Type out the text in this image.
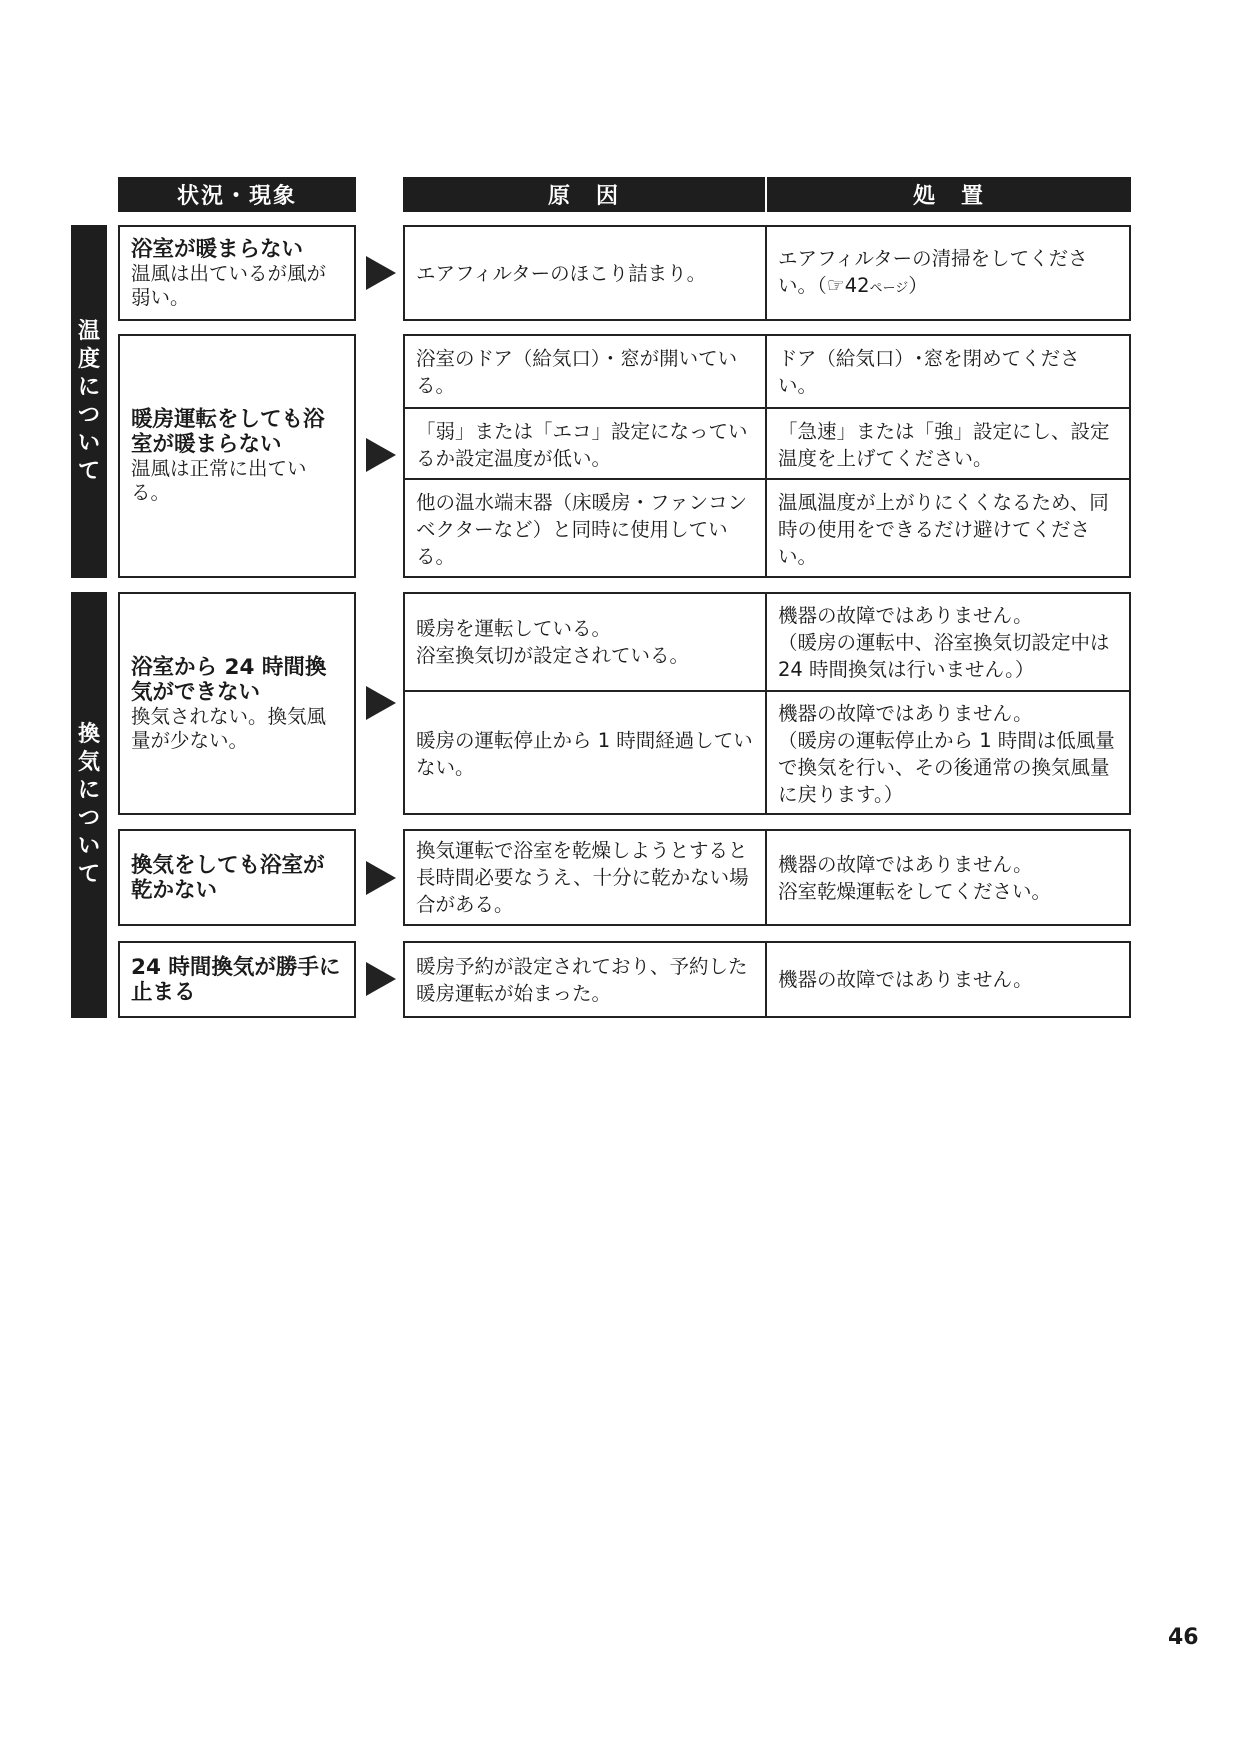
状況・現象	原　因	処　置
温
度
に
つ
い
て
換
気
に
つ
い
て
浴室が暖まらない
温風は出ているが風が弱い。
エアフィルターのほこり詰まり。
エアフィルターの清掃をしてくださ
い。（☞42ページ）
暖房運転をしても浴室が暖まらない
温風は正常に出ている。
浴室のドア（給気口）・窓が開いている。
ドア（給気口）･窓を閉めてください。
「弱」または「エコ」設定になっているか設定温度が低い。
「急速」または「強」設定にし、設定温度を上げてください。
他の温水端末器（床暖房・ファンコンベクターなど）と同時に使用している。
温風温度が上がりにくくなるため、同時の使用をできるだけ避けてください。
浴室から 24 時間換気ができない
換気されない。換気風量が少ない。
暖房を運転している。
浴室換気切が設定されている。
機器の故障ではありません。
（暖房の運転中、浴室換気切設定中は 24 時間換気は行いません。）
暖房の運転停止から 1 時間経過していない。
機器の故障ではありません。
（暖房の運転停止から 1 時間は低風量で換気を行い、その後通常の換気風量に戻ります。）
換気をしても浴室が乾かない
換気運転で浴室を乾燥しようとすると長時間必要なうえ、十分に乾かない場合がある。
機器の故障ではありません。
浴室乾燥運転をしてください。
24 時間換気が勝手に止まる
暖房予約が設定されており、予約した暖房運転が始まった。
機器の故障ではありません。
46
